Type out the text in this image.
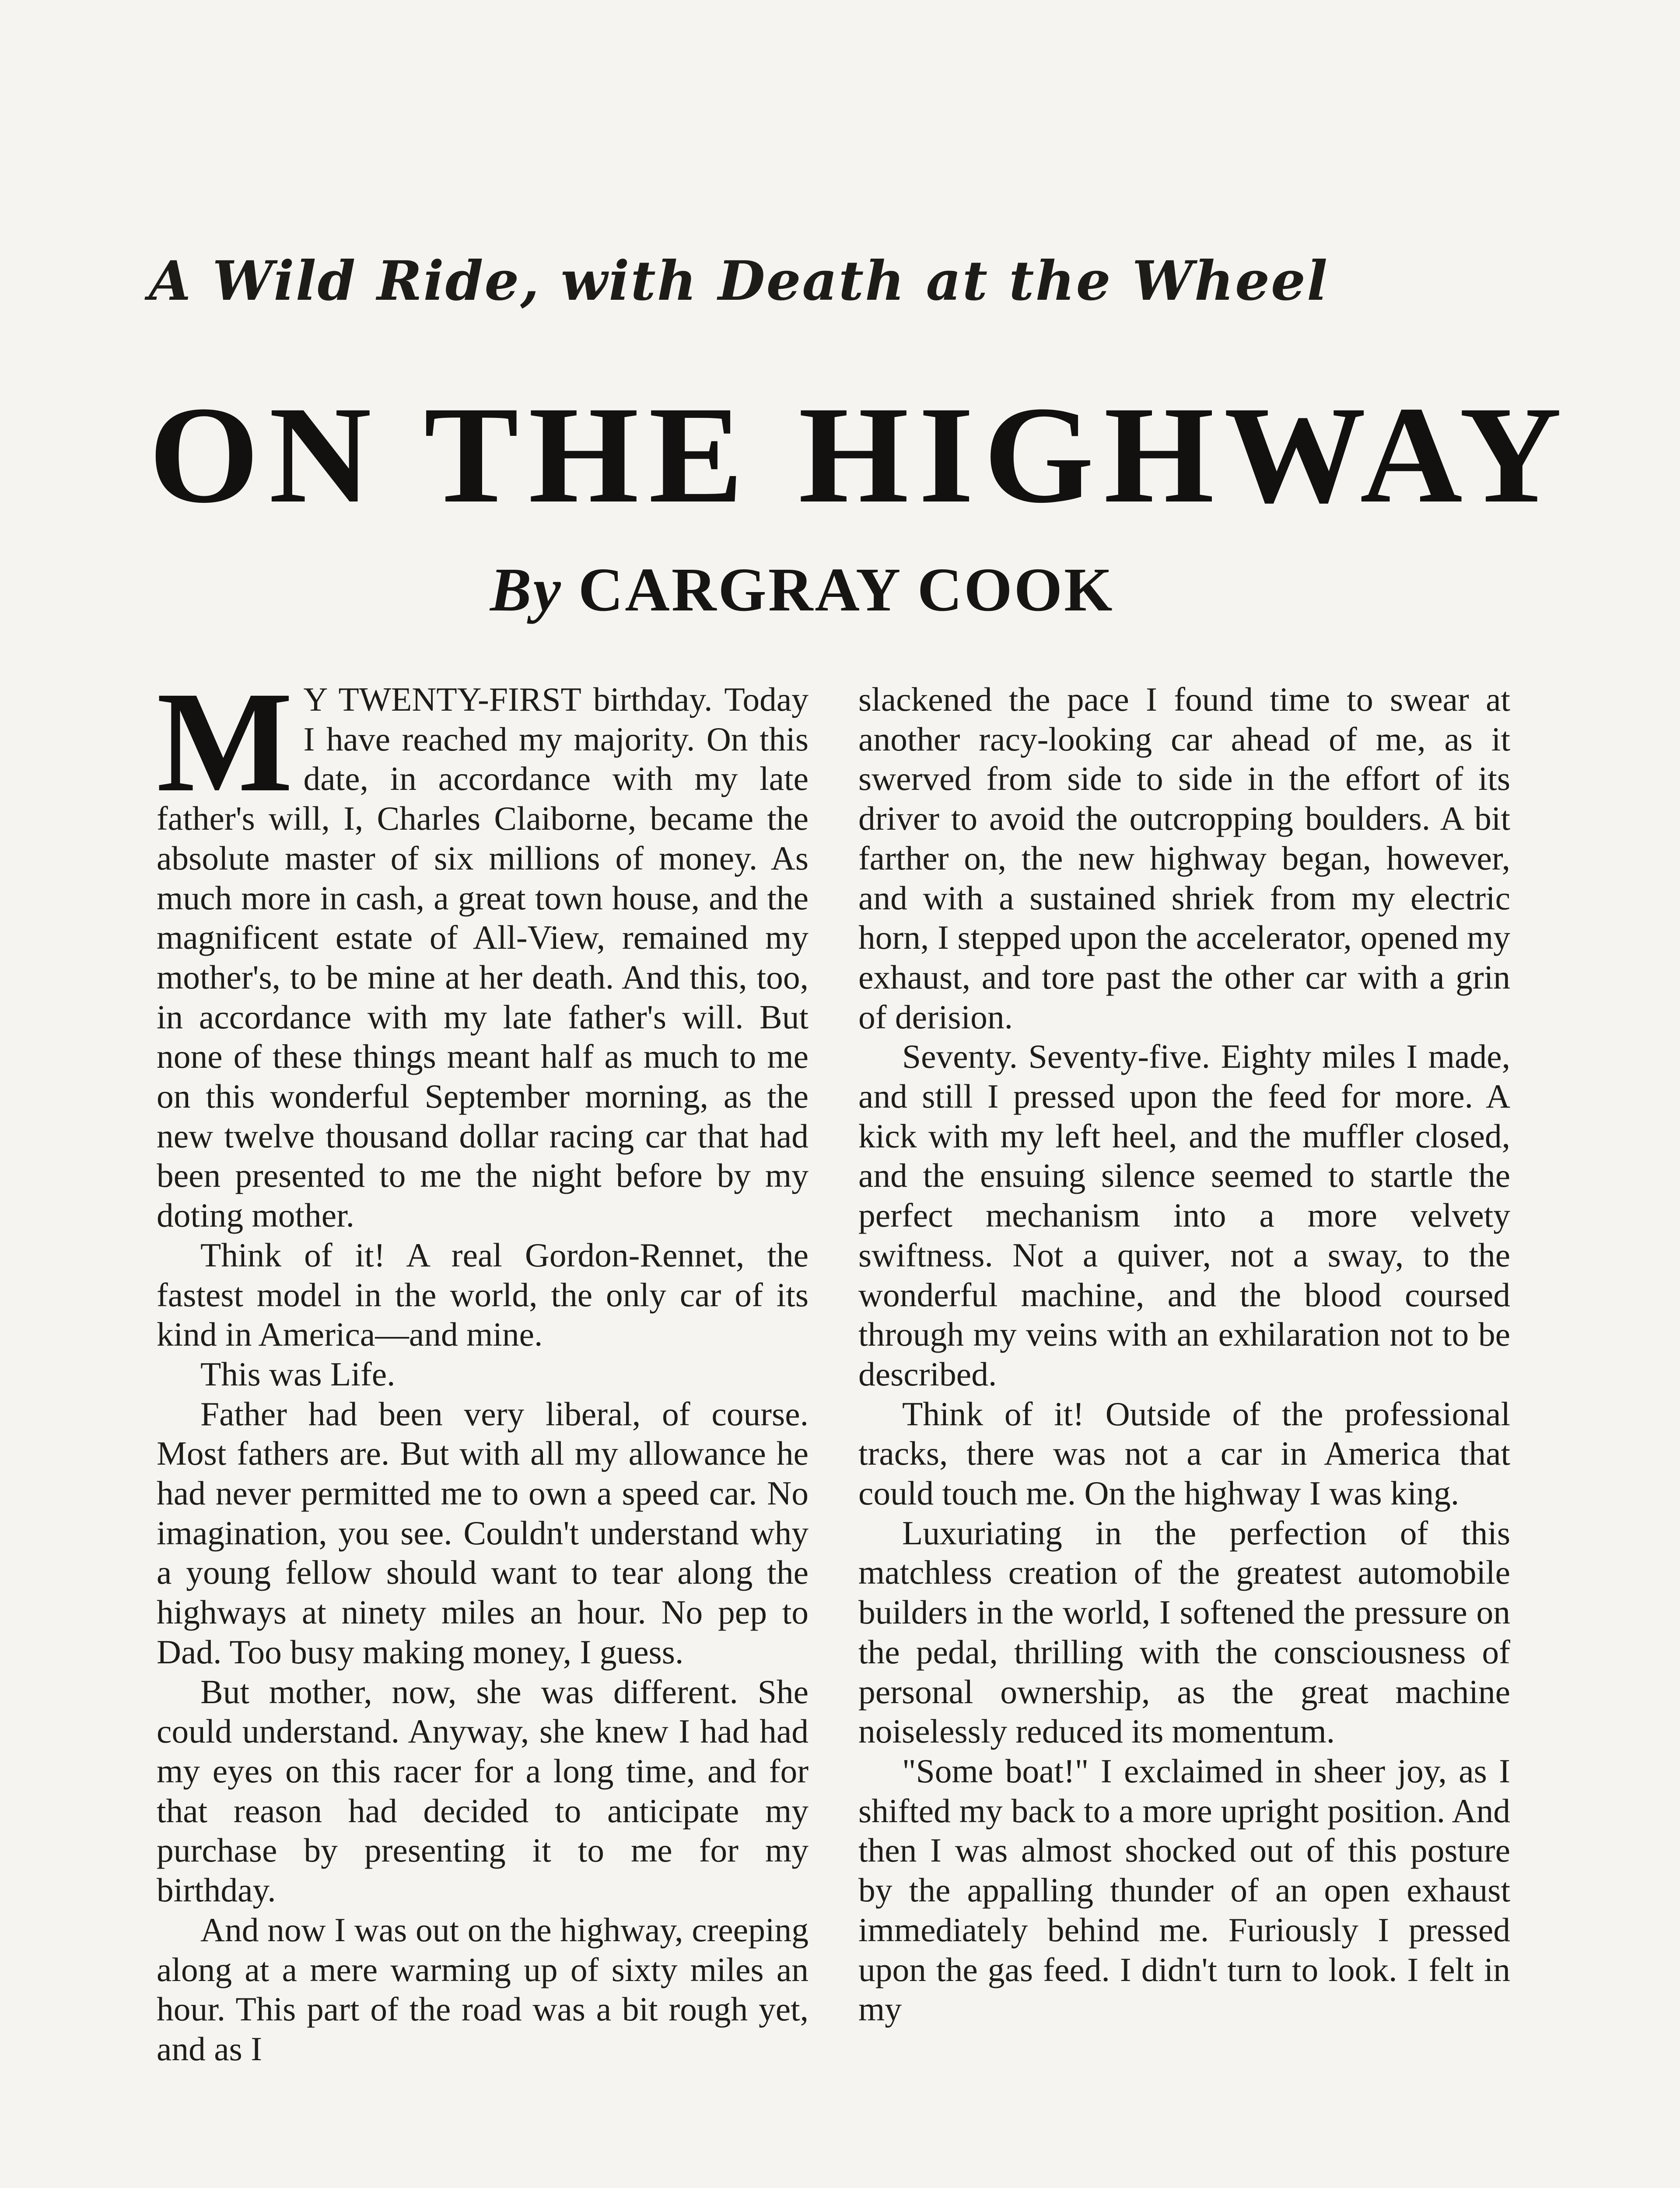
A Wild Ride, with Death at the Wheel
ON THE HIGHWAY
By CARGRAY COOK

M Y TWENTY-FIRST birthday. Today I have reached my majority. On this date, in accordance with my late father's will, I, Charles Claiborne, became the absolute master of six millions of money. As much more in cash, a great town house, and the magnificent estate of All-View, remained my mother's, to be mine at her death. And this, too, in accordance with my late father's will. But none of these things meant half as much to me on this wonderful September morning, as the new twelve thousand dollar racing car that had been presented to me the night before by my doting mother.

Think of it! A real Gordon-Rennet, the fastest model in the world, the only car of its kind in America—and mine.

This was Life.

Father had been very liberal, of course. Most fathers are. But with all my allowance he had never permitted me to own a speed car. No imagination, you see. Couldn't understand why a young fellow should want to tear along the highways at ninety miles an hour. No pep to Dad. Too busy making money, I guess.

But mother, now, she was different. She could understand. Anyway, she knew I had had my eyes on this racer for a long time, and for that reason had decided to anticipate my purchase by presenting it to me for my birthday.

And now I was out on the highway, creeping along at a mere warming up of sixty miles an hour. This part of the road was a bit rough yet, and as I

slackened the pace I found time to swear at another racy-looking car ahead of me, as it swerved from side to side in the effort of its driver to avoid the outcropping boulders. A bit farther on, the new highway began, however, and with a sustained shriek from my electric horn, I stepped upon the accelerator, opened my exhaust, and tore past the other car with a grin of derision.

Seventy. Seventy-five. Eighty miles I made, and still I pressed upon the feed for more. A kick with my left heel, and the muffler closed, and the ensuing silence seemed to startle the perfect mechanism into a more velvety swiftness. Not a quiver, not a sway, to the wonderful machine, and the blood coursed through my veins with an exhilaration not to be described.

Think of it! Outside of the professional tracks, there was not a car in America that could touch me. On the highway I was king.

Luxuriating in the perfection of this matchless creation of the greatest automobile builders in the world, I softened the pressure on the pedal, thrilling with the consciousness of personal ownership, as the great machine noiselessly reduced its momentum.

"Some boat!" I exclaimed in sheer joy, as I shifted my back to a more upright position. And then I was almost shocked out of this posture by the appalling thunder of an open exhaust immediately behind me. Furiously I pressed upon the gas feed. I didn't turn to look. I felt in my
